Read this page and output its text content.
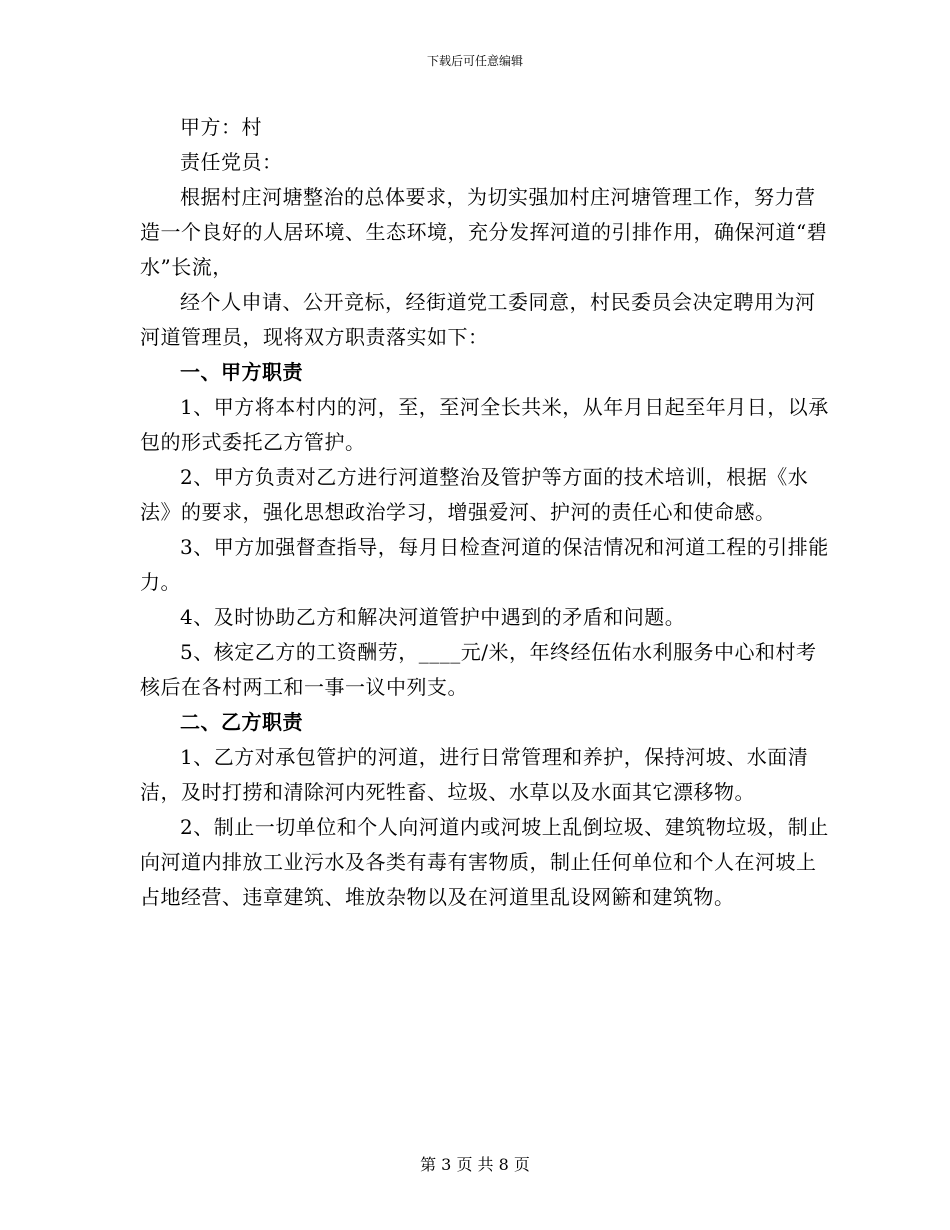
下载后可任意编辑

甲方：村

责任党员：

根据村庄河塘整治的总体要求，为切实强加村庄河塘管理工作，努力营造一个良好的人居环境、生态环境，充分发挥河道的引排作用，确保河道“碧水”长流，

经个人申请、公开竞标，经街道党工委同意，村民委员会决定聘用为河河道管理员，现将双方职责落实如下：

一、甲方职责

1、甲方将本村内的河，至，至河全长共米，从年月日起至年月日，以承包的形式委托乙方管护。

2、甲方负责对乙方进行河道整治及管护等方面的技术培训，根据《水法》的要求，强化思想政治学习，增强爱河、护河的责任心和使命感。

3、甲方加强督查指导，每月日检查河道的保洁情况和河道工程的引排能力。

4、及时协助乙方和解决河道管护中遇到的矛盾和问题。

5、核定乙方的工资酬劳，____元/米，年终经伍佑水利服务中心和村考核后在各村两工和一事一议中列支。

二、乙方职责

1、乙方对承包管护的河道，进行日常管理和养护，保持河坡、水面清洁，及时打捞和清除河内死牲畜、垃圾、水草以及水面其它漂移物。

2、制止一切单位和个人向河道内或河坡上乱倒垃圾、建筑物垃圾，制止向河道内排放工业污水及各类有毒有害物质，制止任何单位和个人在河坡上占地经营、违章建筑、堆放杂物以及在河道里乱设网簖和建筑物。

第 3 页 共 8 页
